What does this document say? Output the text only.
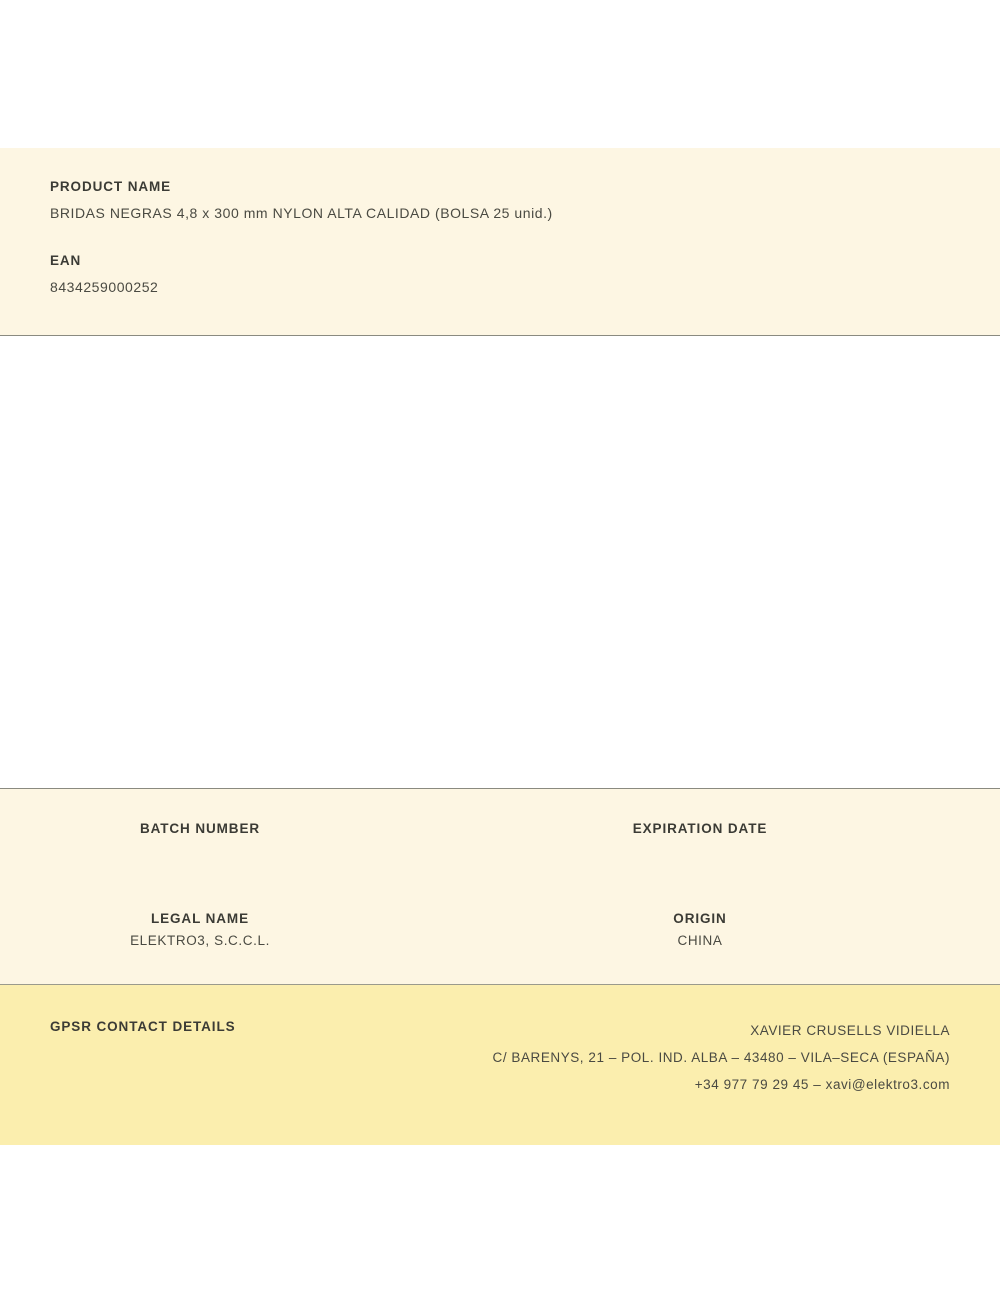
PRODUCT NAME

BRIDAS NEGRAS 4,8 x 300 mm NYLON ALTA CALIDAD (BOLSA 25 unid.)

EAN

8434259000252

BATCH NUMBER	EXPIRATION DATE

LEGAL NAME

ELEKTRO3, S.C.C.L.

ORIGIN

CHINA

GPSR CONTACT DETAILS	XAVIER CRUSELLS VIDIELLA
C/ BARENYS, 21 – POL. IND. ALBA – 43480 – VILA–SECA (ESPAÑA)
+34 977 79 29 45 – xavi@elektro3.com
